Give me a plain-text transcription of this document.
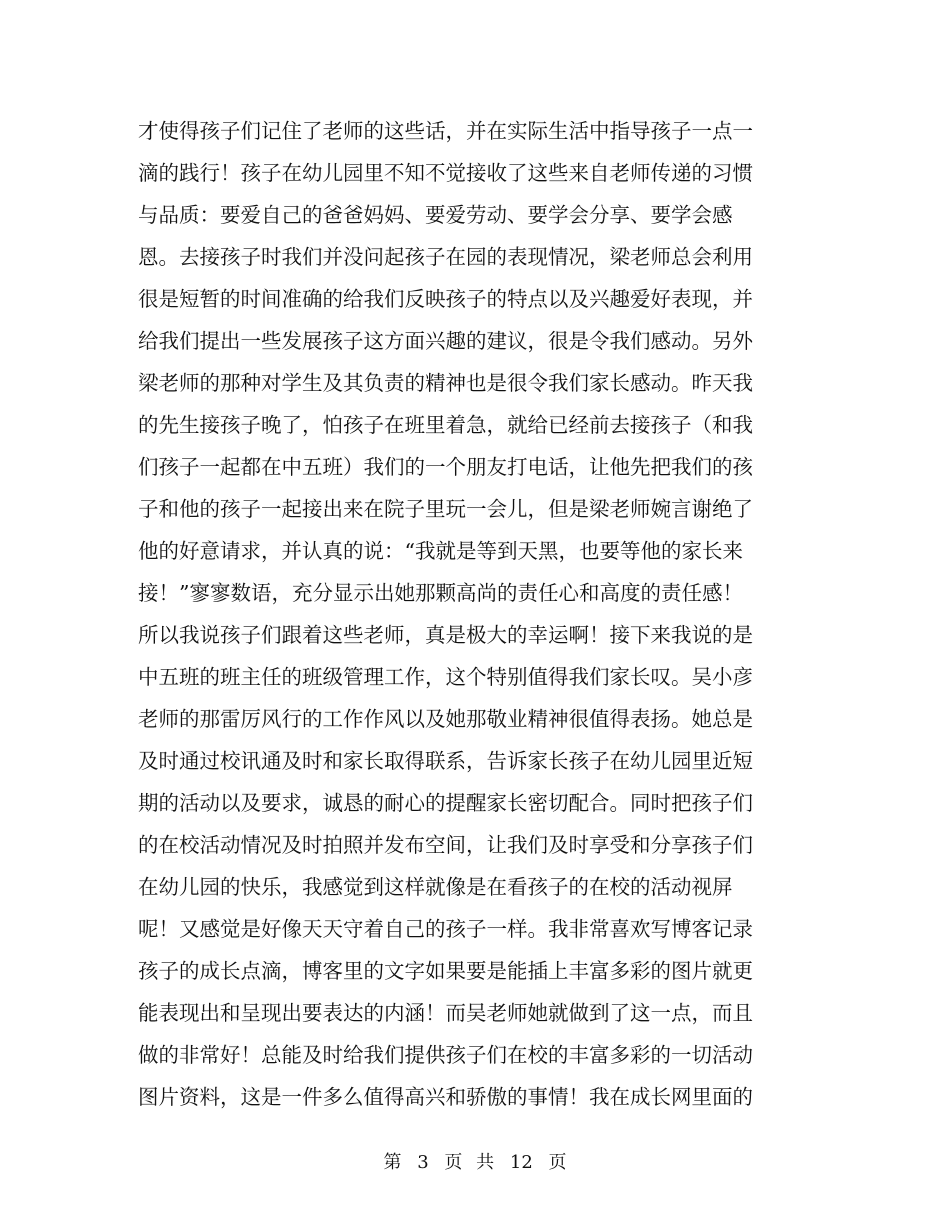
才使得孩子们记住了老师的这些话，并在实际生活中指导孩子一点一
滴的践行！孩子在幼儿园里不知不觉接收了这些来自老师传递的习惯
与品质：要爱自己的爸爸妈妈、要爱劳动、要学会分享、要学会感
恩。去接孩子时我们并没问起孩子在园的表现情况，梁老师总会利用
很是短暂的时间准确的给我们反映孩子的特点以及兴趣爱好表现，并
给我们提出一些发展孩子这方面兴趣的建议，很是令我们感动。另外
梁老师的那种对学生及其负责的精神也是很令我们家长感动。昨天我
的先生接孩子晚了，怕孩子在班里着急，就给已经前去接孩子（和我
们孩子一起都在中五班）我们的一个朋友打电话，让他先把我们的孩
子和他的孩子一起接出来在院子里玩一会儿，但是梁老师婉言谢绝了
他的好意请求，并认真的说：“我就是等到天黑，也要等他的家长来
接！”寥寥数语，充分显示出她那颗高尚的责任心和高度的责任感！
所以我说孩子们跟着这些老师，真是极大的幸运啊！接下来我说的是
中五班的班主任的班级管理工作，这个特别值得我们家长叹。吴小彦
老师的那雷厉风行的工作作风以及她那敬业精神很值得表扬。她总是
及时通过校讯通及时和家长取得联系，告诉家长孩子在幼儿园里近短
期的活动以及要求，诚恳的耐心的提醒家长密切配合。同时把孩子们
的在校活动情况及时拍照并发布空间，让我们及时享受和分享孩子们
在幼儿园的快乐，我感觉到这样就像是在看孩子的在校的活动视屏
呢！又感觉是好像天天守着自己的孩子一样。我非常喜欢写博客记录
孩子的成长点滴，博客里的文字如果要是能插上丰富多彩的图片就更
能表现出和呈现出要表达的内涵！而吴老师她就做到了这一点，而且
做的非常好！总能及时给我们提供孩子们在校的丰富多彩的一切活动
图片资料，这是一件多么值得高兴和骄傲的事情！我在成长网里面的
第 3 页 共 12 页
